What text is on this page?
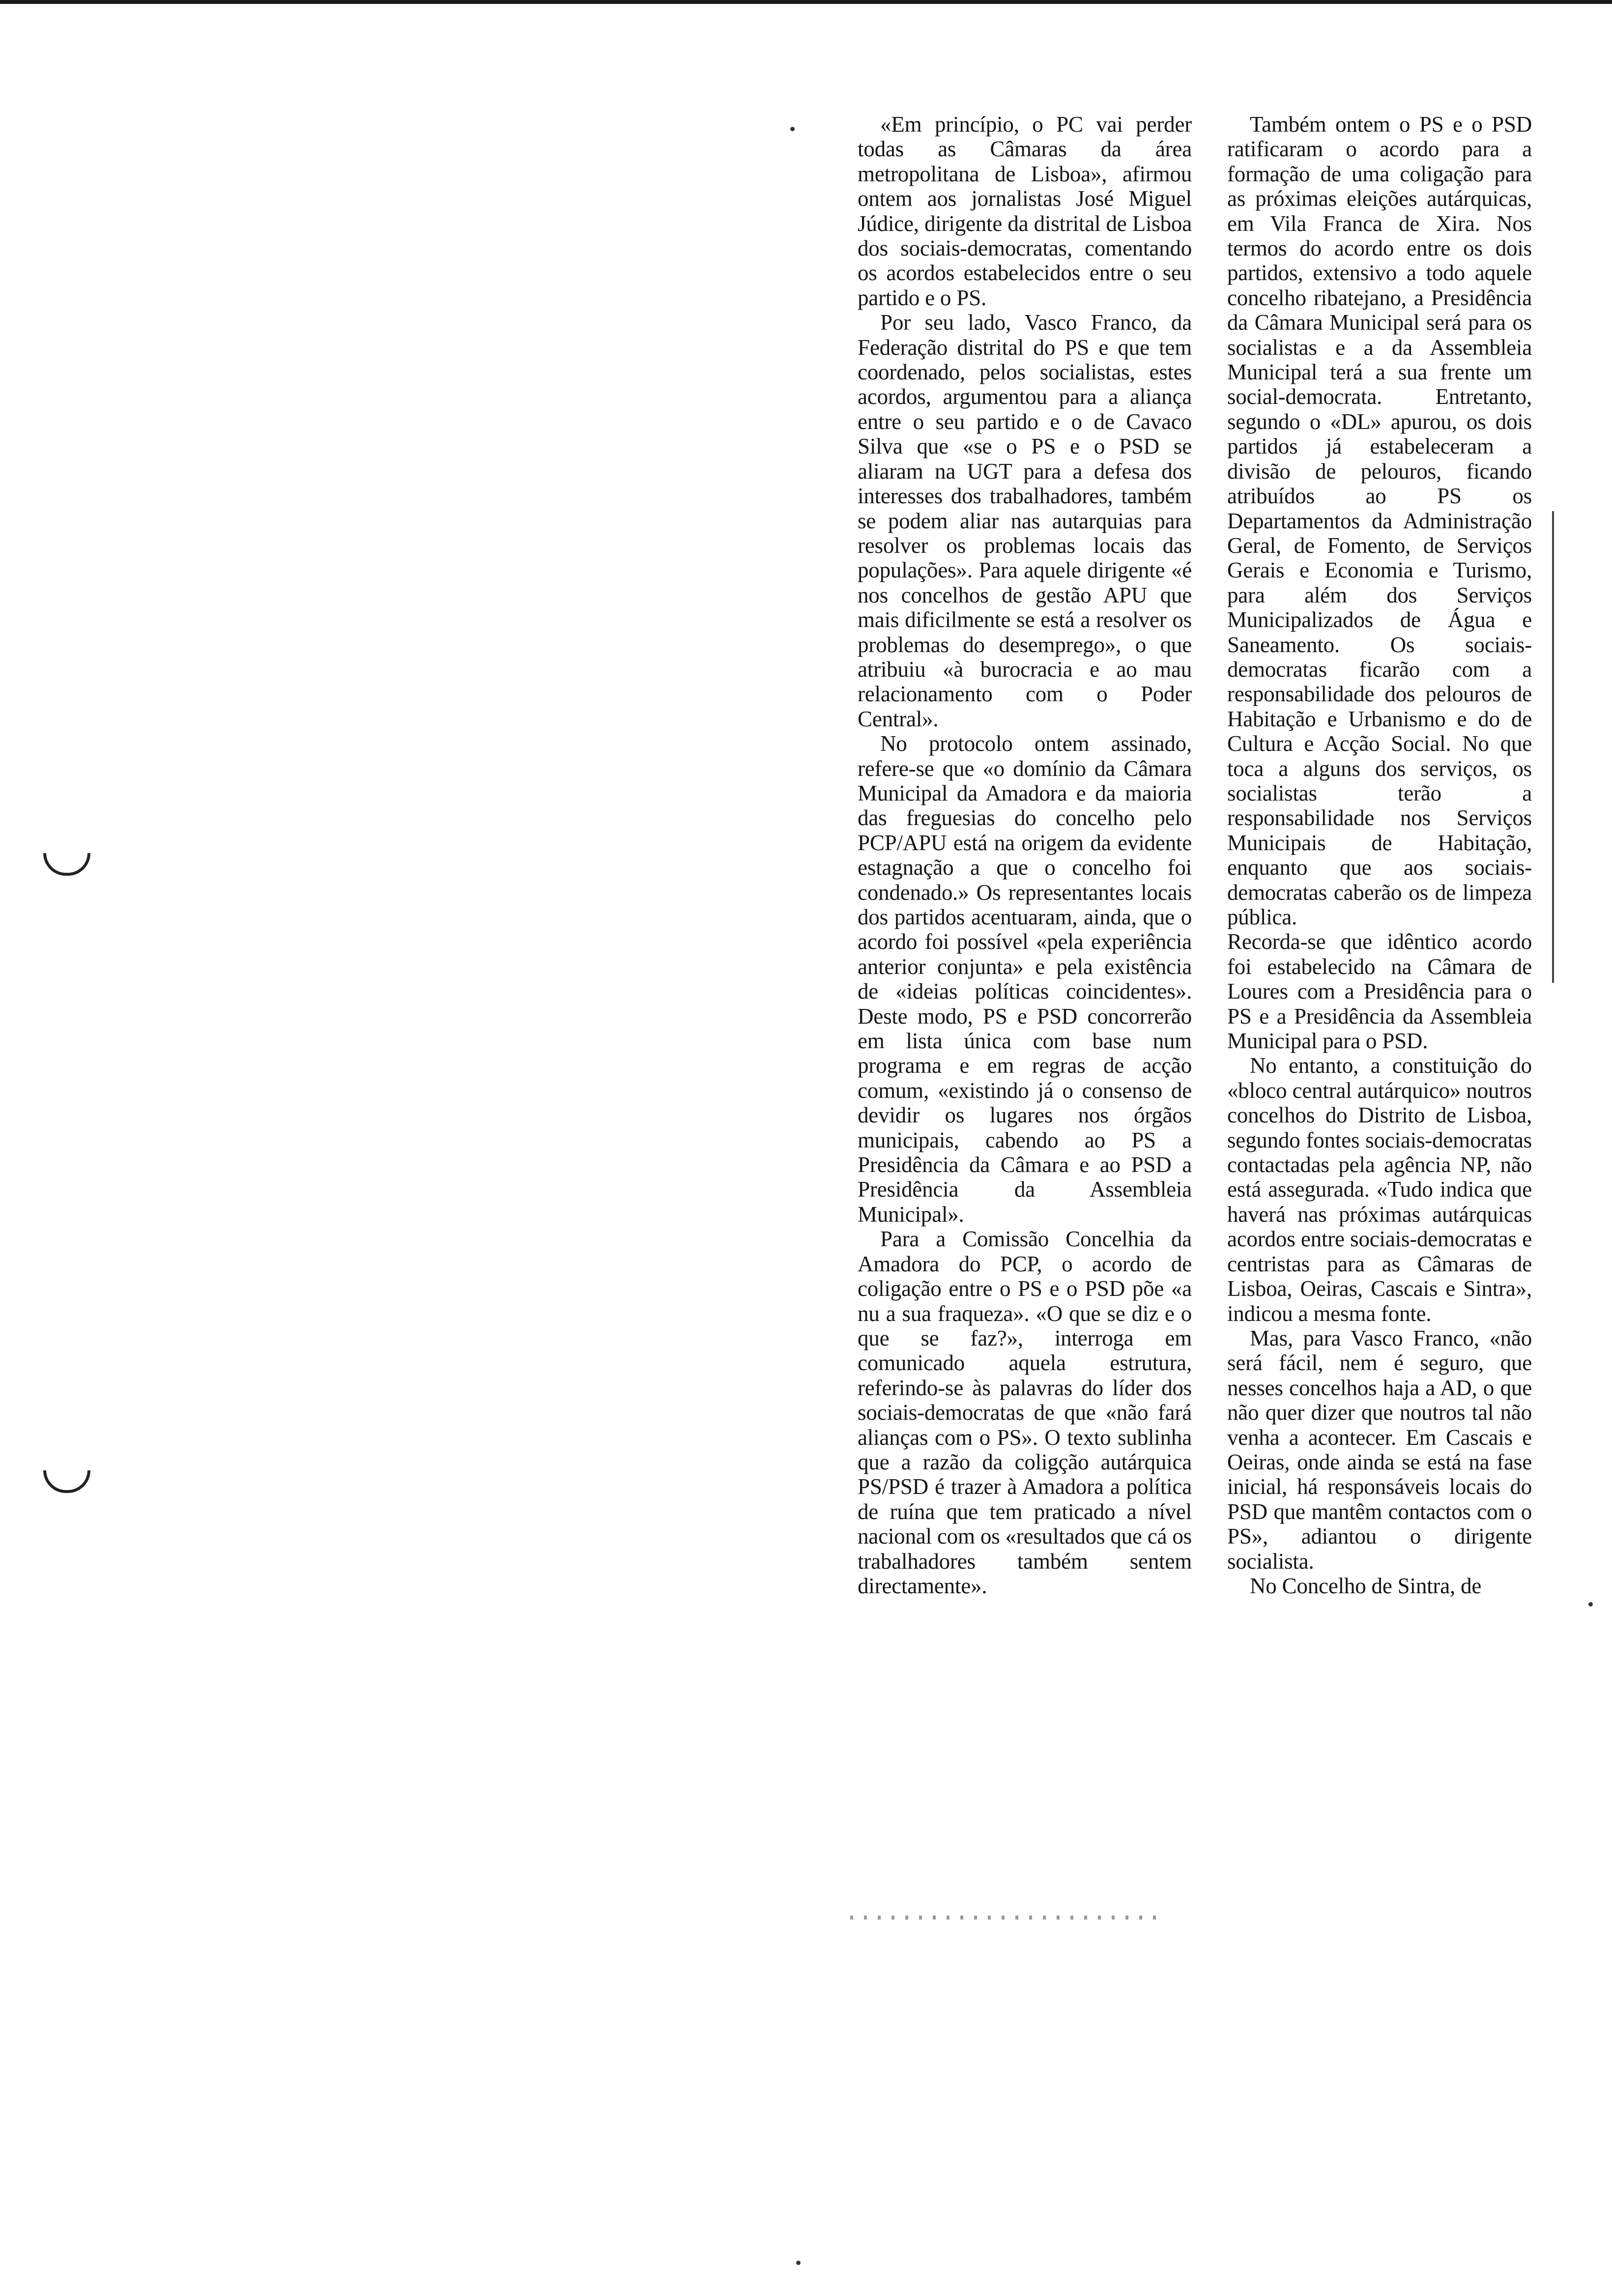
«Em princípio, o PC vai perder todas as Câmaras da área metropolitana de Lisboa», afirmou ontem aos jornalistas José Miguel Júdice, dirigente da distrital de Lisboa dos sociais-democratas, comentando os acordos estabelecidos entre o seu partido e o PS.

Por seu lado, Vasco Franco, da Federação distrital do PS e que tem coordenado, pelos socialistas, estes acordos, argumentou para a aliança entre o seu partido e o de Cavaco Silva que «se o PS e o PSD se aliaram na UGT para a defesa dos interesses dos trabalhadores, também se podem aliar nas autarquias para resolver os problemas locais das populações». Para aquele dirigente «é nos concelhos de gestão APU que mais dificilmente se está a resolver os problemas do desemprego», o que atribuiu «à burocracia e ao mau relacionamento com o Poder Central».

No protocolo ontem assinado, refere-se que «o domínio da Câmara Municipal da Amadora e da maioria das freguesias do concelho pelo PCP/APU está na origem da evidente estagnação a que o concelho foi condenado.» Os representantes locais dos partidos acentuaram, ainda, que o acordo foi possível «pela experiência anterior conjunta» e pela existência de «ideias políticas coincidentes». Deste modo, PS e PSD concorrerão em lista única com base num programa e em regras de acção comum, «existindo já o consenso de devidir os lugares nos órgãos municipais, cabendo ao PS a Presidência da Câmara e ao PSD a Presidência da Assembleia Municipal».

Para a Comissão Concelhia da Amadora do PCP, o acordo de coligação entre o PS e o PSD põe «a nu a sua fraqueza». «O que se diz e o que se faz?», interroga em comunicado aquela estrutura, referindo-se às palavras do líder dos sociais-democratas de que «não fará alianças com o PS». O texto sublinha que a razão da coligção autárquica PS/PSD é trazer à Amadora a política de ruína que tem praticado a nível nacional com os «resultados que cá os trabalhadores também sentem directamente».

Também ontem o PS e o PSD ratificaram o acordo para a formação de uma coligação para as próximas eleições autárquicas, em Vila Franca de Xira. Nos termos do acordo entre os dois partidos, extensivo a todo aquele concelho ribatejano, a Presidência da Câmara Municipal será para os socialistas e a da Assembleia Municipal terá a sua frente um social-democrata. Entretanto, segundo o «DL» apurou, os dois partidos já estabeleceram a divisão de pelouros, ficando atribuídos ao PS os Departamentos da Administração Geral, de Fomento, de Serviços Gerais e Economia e Turismo, para além dos Serviços Municipalizados de Água e Saneamento. Os sociais-democratas ficarão com a responsabilidade dos pelouros de Habitação e Urbanismo e do de Cultura e Acção Social. No que toca a alguns dos serviços, os socialistas terão a responsabilidade nos Serviços Municipais de Habitação, enquanto que aos sociais-democratas caberão os de limpeza pública.

Recorda-se que idêntico acordo foi estabelecido na Câmara de Loures com a Presidência para o PS e a Presidência da Assembleia Municipal para o PSD.

No entanto, a constituição do «bloco central autárquico» noutros concelhos do Distrito de Lisboa, segundo fontes sociais-democratas contactadas pela agência NP, não está assegurada. «Tudo indica que haverá nas próximas autárquicas acordos entre sociais-democratas e centristas para as Câmaras de Lisboa, Oeiras, Cascais e Sintra», indicou a mesma fonte.

Mas, para Vasco Franco, «não será fácil, nem é seguro, que nesses concelhos haja a AD, o que não quer dizer que noutros tal não venha a acontecer. Em Cascais e Oeiras, onde ainda se está na fase inicial, há responsáveis locais do PSD que mantêm contactos com o PS», adiantou o dirigente socialista.

No Concelho de Sintra, de
